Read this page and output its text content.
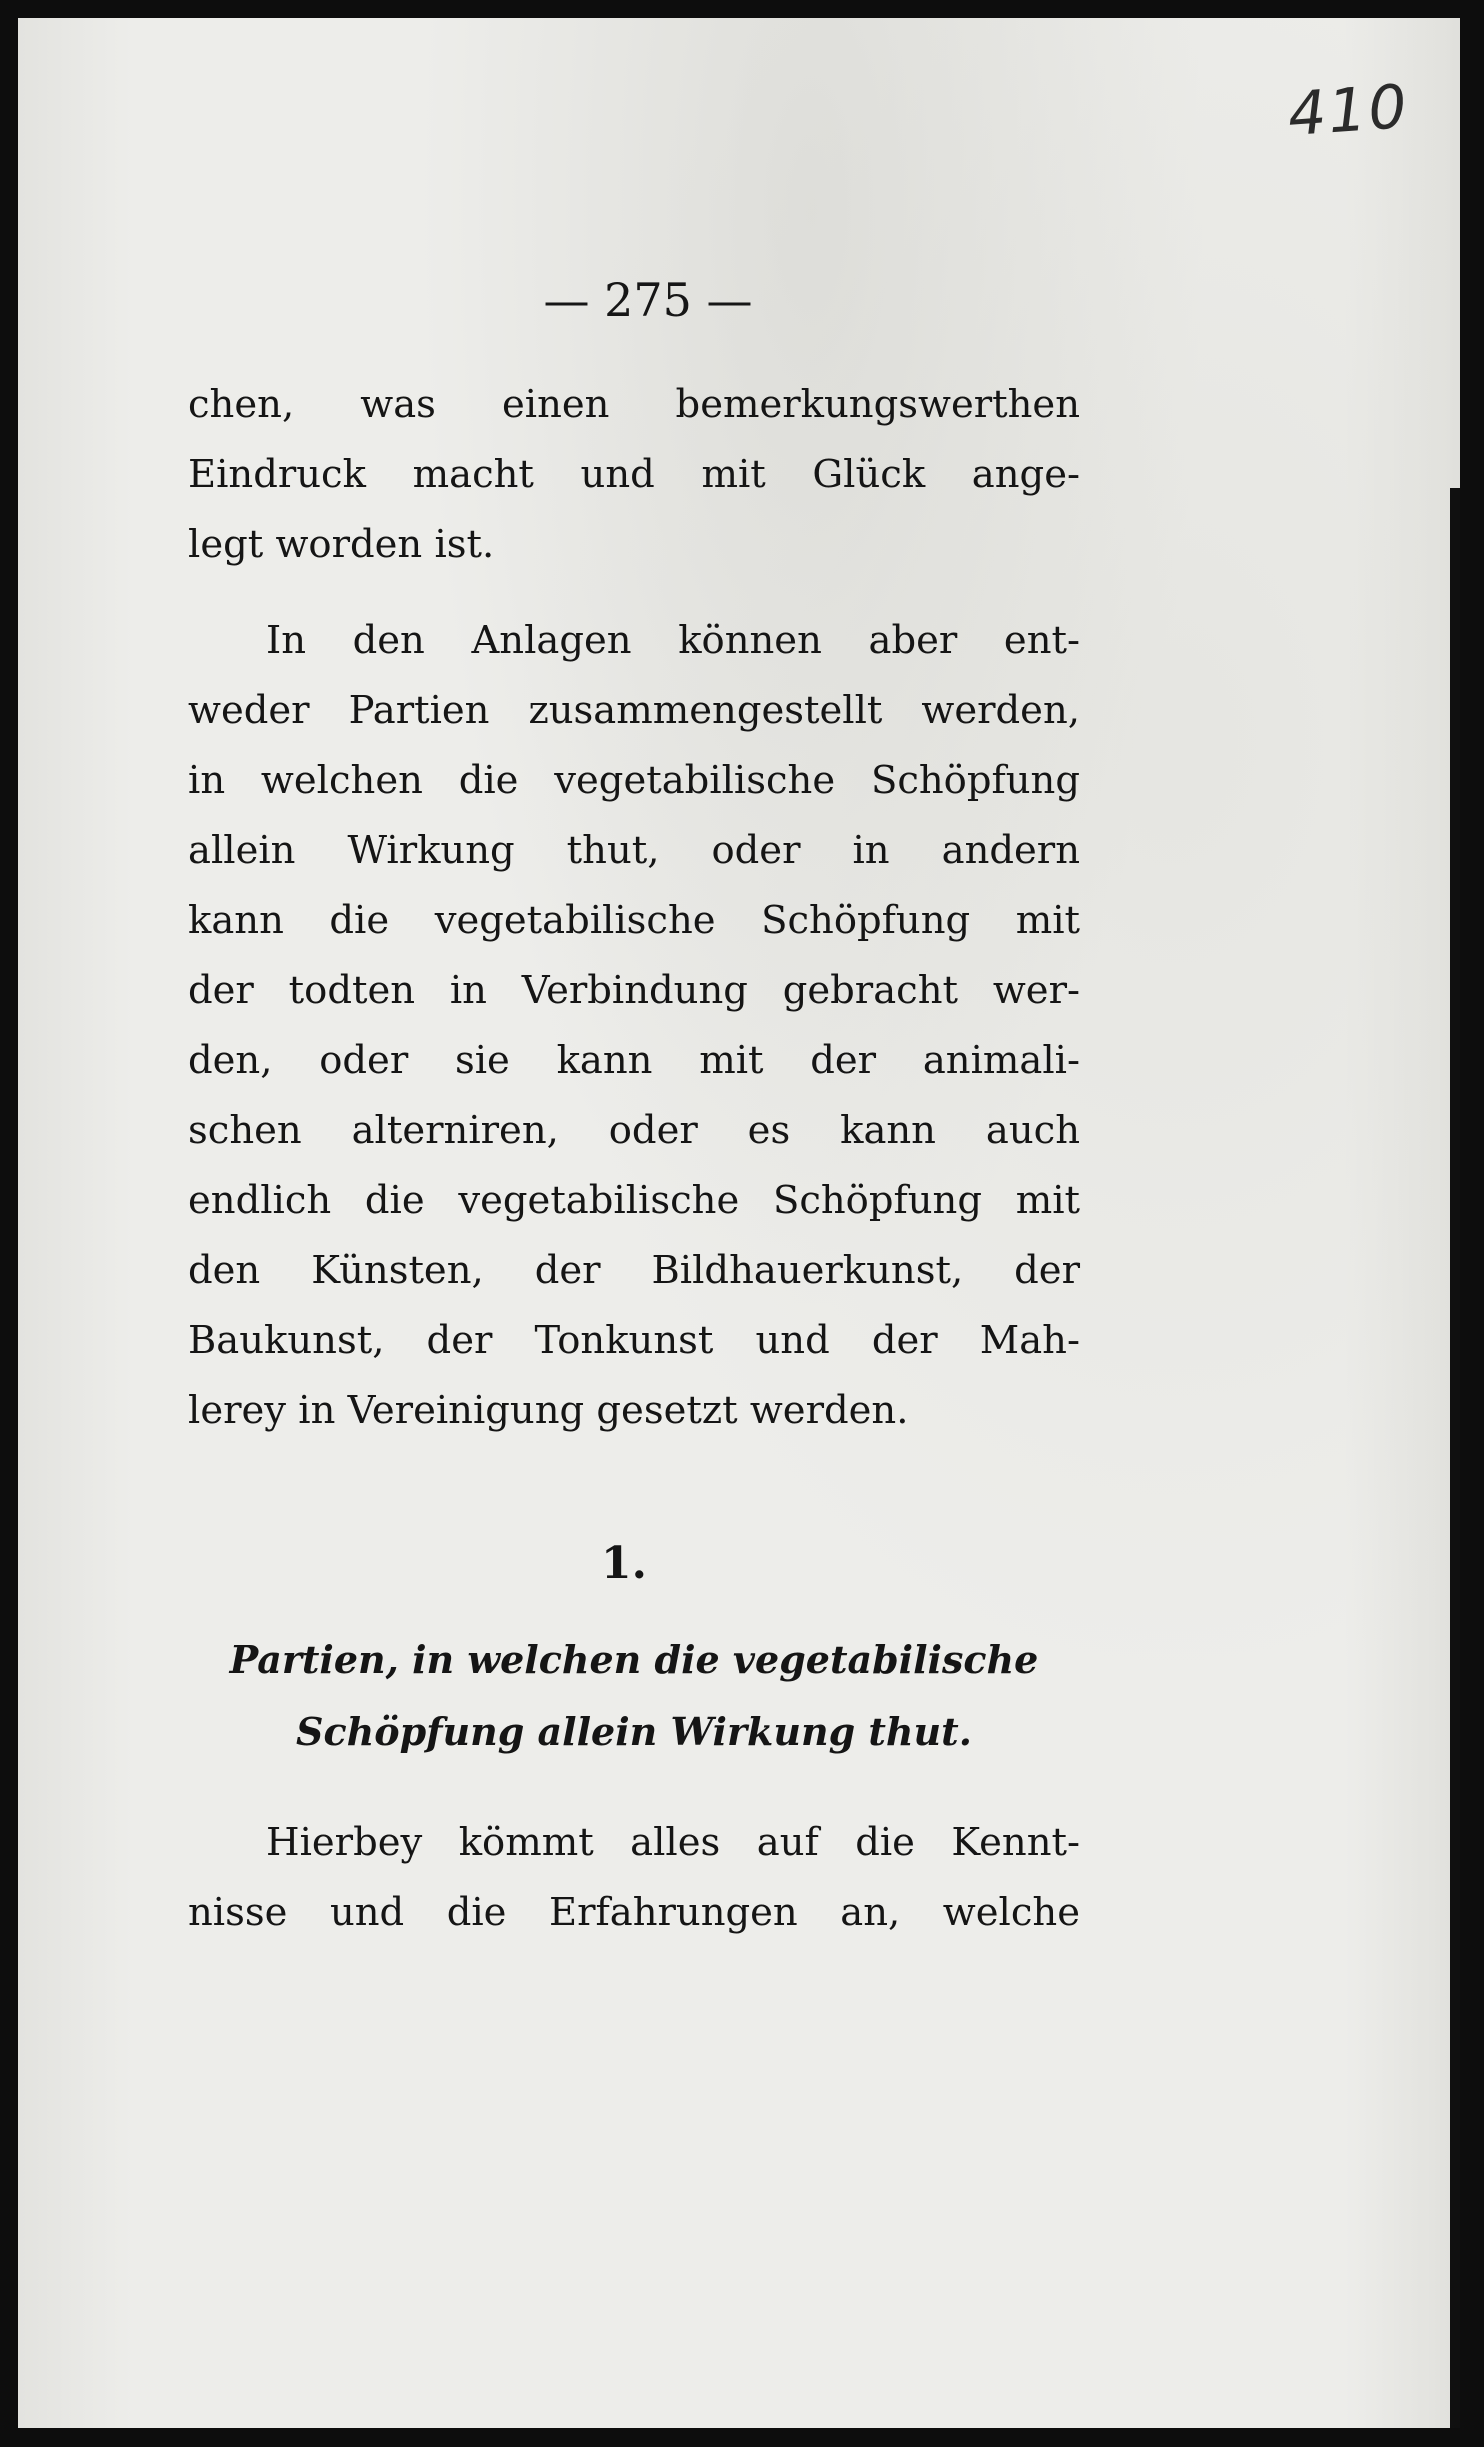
410
— 275 —
chen, was einen bemerkungswerthen
Eindruck macht und mit Glück ange-
legt worden ist.
In den Anlagen können aber ent-
weder Partien zusammengestellt werden,
in welchen die vegetabilische Schöpfung
allein Wirkung thut, oder in andern
kann die vegetabilische Schöpfung mit
der todten in Verbindung gebracht wer-
den, oder sie kann mit der animali-
schen alterniren, oder es kann auch
endlich die vegetabilische Schöpfung mit
den Künsten, der Bildhauerkunst, der
Baukunst, der Tonkunst und der Mah-
lerey in Vereinigung gesetzt werden.
1.
Partien, in welchen die vegetabilische
Schöpfung allein Wirkung thut.
Hierbey kömmt alles auf die Kennt-
nisse und die Erfahrungen an, welche
